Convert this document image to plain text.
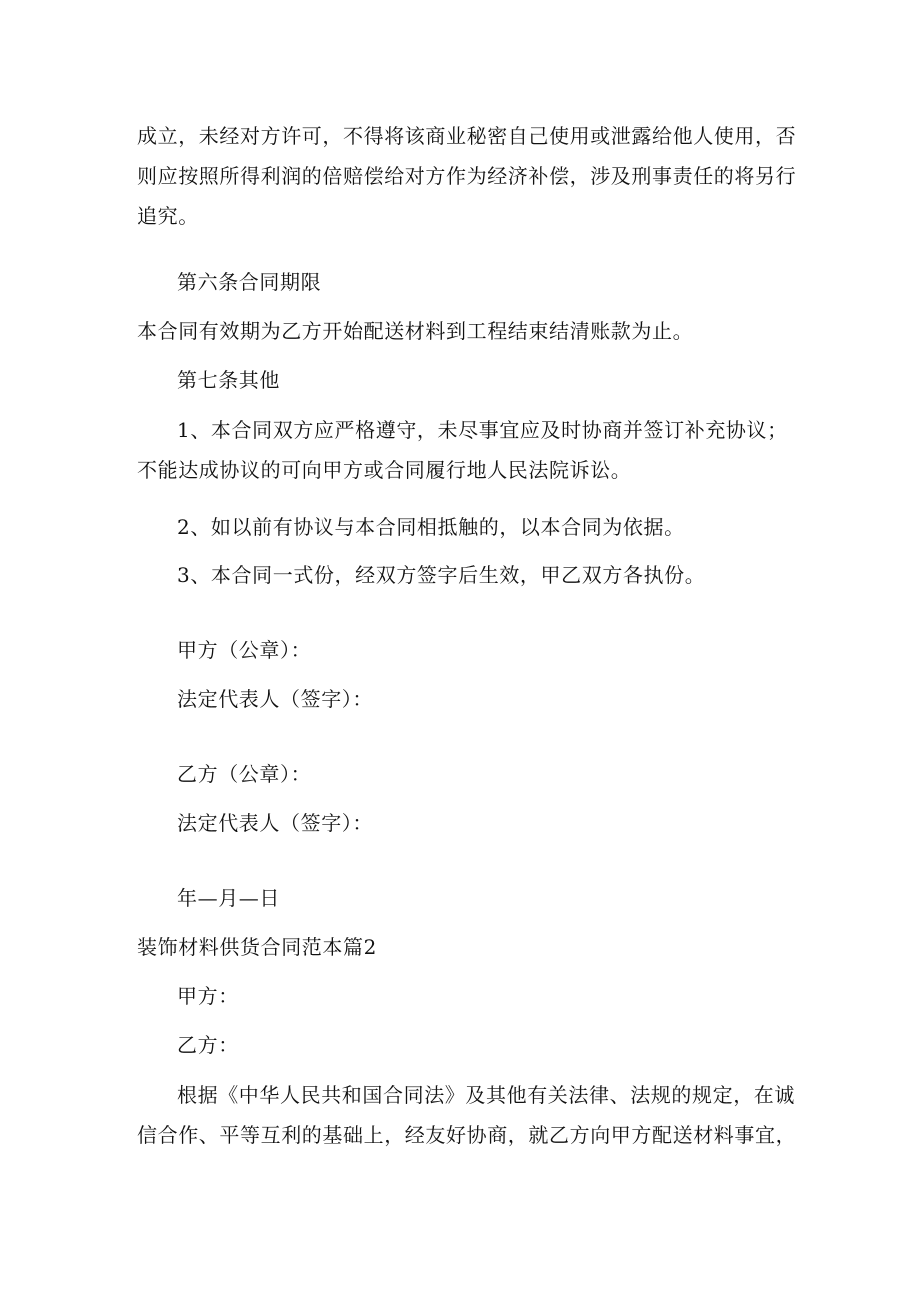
成立，未经对方许可，不得将该商业秘密自己使用或泄露给他人使用，否则应按照所得利润的倍赔偿给对方作为经济补偿，涉及刑事责任的将另行追究。
第六条合同期限
本合同有效期为乙方开始配送材料到工程结束结清账款为止。
第七条其他
1、本合同双方应严格遵守，未尽事宜应及时协商并签订补充协议；不能达成协议的可向甲方或合同履行地人民法院诉讼。
2、如以前有协议与本合同相抵触的，以本合同为依据。
3、本合同一式份，经双方签字后生效，甲乙双方各执份。
甲方（公章）：
法定代表人（签字）：
乙方（公章）：
法定代表人（签字）：
年—月—日
装饰材料供货合同范本篇2
甲方：
乙方：
根据《中华人民共和国合同法》及其他有关法律、法规的规定，在诚信合作、平等互利的基础上，经友好协商，就乙方向甲方配送材料事宜，
